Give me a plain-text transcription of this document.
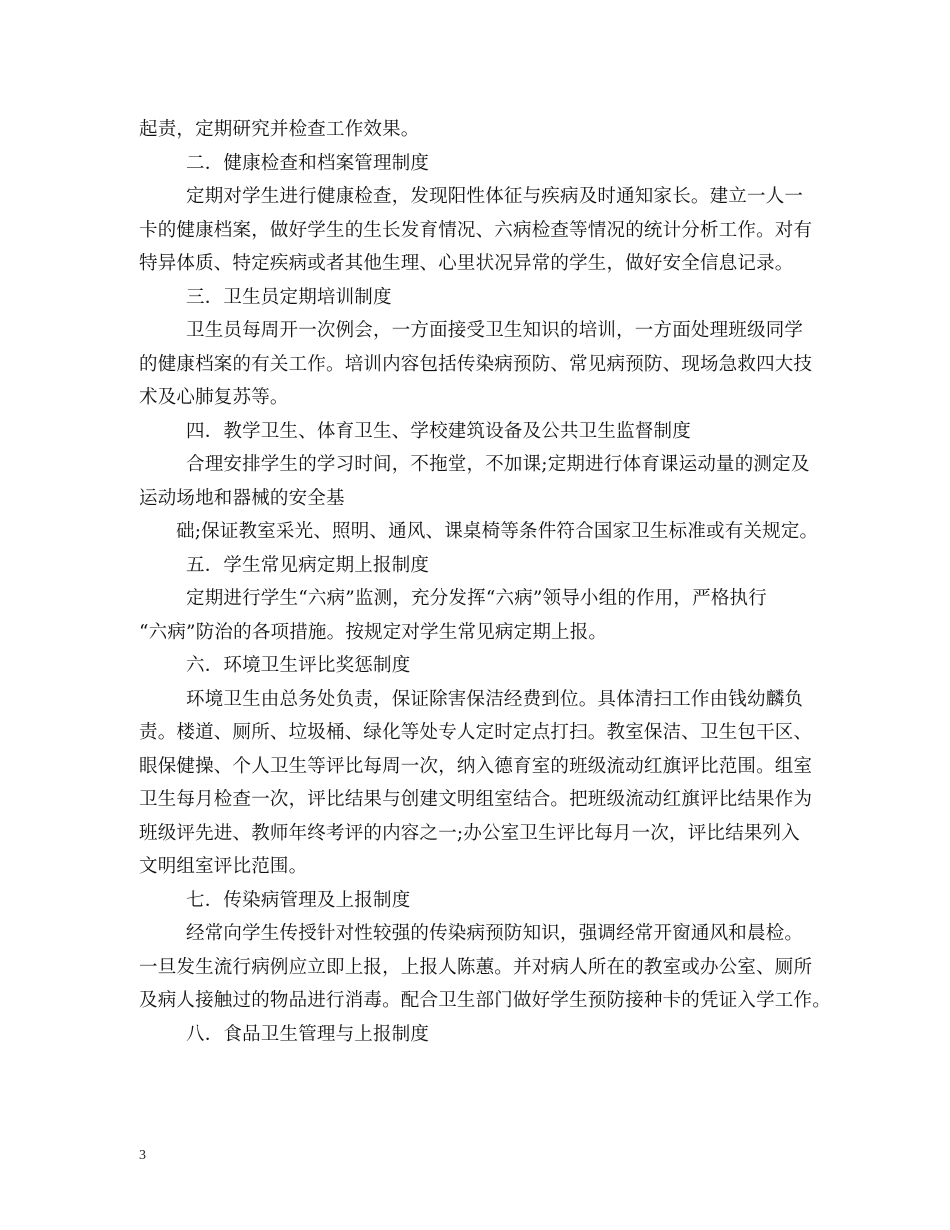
起责，定期研究并检查工作效果。
二．健康检查和档案管理制度
定期对学生进行健康检查，发现阳性体征与疾病及时通知家长。建立一人一
卡的健康档案，做好学生的生长发育情况、六病检查等情况的统计分析工作。对有
特异体质、特定疾病或者其他生理、心里状况异常的学生，做好安全信息记录。
三．卫生员定期培训制度
卫生员每周开一次例会，一方面接受卫生知识的培训，一方面处理班级同学
的健康档案的有关工作。培训内容包括传染病预防、常见病预防、现场急救四大技
术及心肺复苏等。
四．教学卫生、体育卫生、学校建筑设备及公共卫生监督制度
合理安排学生的学习时间，不拖堂，不加课;定期进行体育课运动量的测定及
运动场地和器械的安全基
础;保证教室采光、照明、通风、课桌椅等条件符合国家卫生标准或有关规定。
五．学生常见病定期上报制度
定期进行学生“六病”监测，充分发挥“六病”领导小组的作用，严格执行
“六病”防治的各项措施。按规定对学生常见病定期上报。
六．环境卫生评比奖惩制度
环境卫生由总务处负责，保证除害保洁经费到位。具体清扫工作由钱幼麟负
责。楼道、厕所、垃圾桶、绿化等处专人定时定点打扫。教室保洁、卫生包干区、
眼保健操、个人卫生等评比每周一次，纳入德育室的班级流动红旗评比范围。组室
卫生每月检查一次，评比结果与创建文明组室结合。把班级流动红旗评比结果作为
班级评先进、教师年终考评的内容之一;办公室卫生评比每月一次，评比结果列入
文明组室评比范围。
七．传染病管理及上报制度
经常向学生传授针对性较强的传染病预防知识，强调经常开窗通风和晨检。
一旦发生流行病例应立即上报，上报人陈蕙。并对病人所在的教室或办公室、厕所
及病人接触过的物品进行消毒。配合卫生部门做好学生预防接种卡的凭证入学工作。
八．食品卫生管理与上报制度
3
